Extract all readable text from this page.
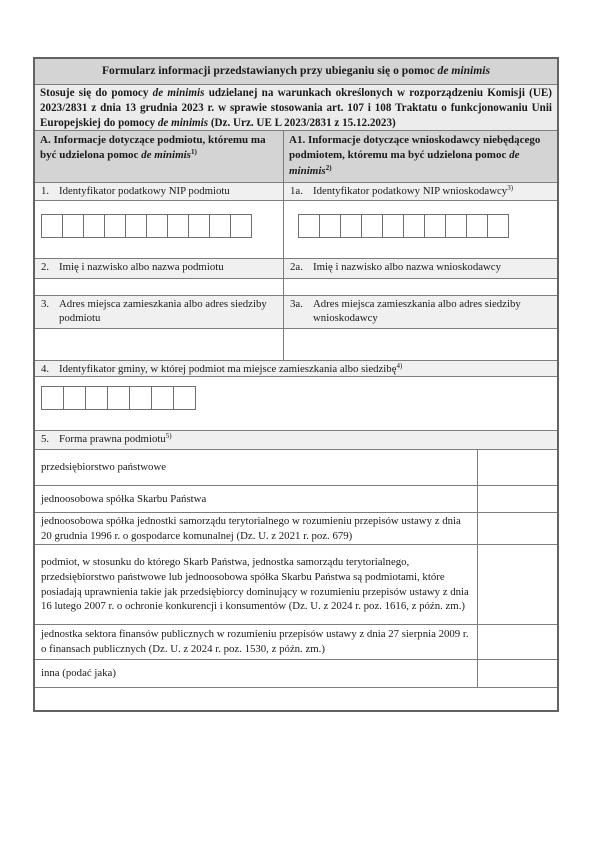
Formularz informacji przedstawianych przy ubieganiu się o pomoc de minimis
Stosuje się do pomocy de minimis udzielanej na warunkach określonych w rozporządzeniu Komisji (UE) 2023/2831 z dnia 13 grudnia 2023 r. w sprawie stosowania art. 107 i 108 Traktatu o funkcjonowaniu Unii Europejskiej do pomocy de minimis (Dz. Urz. UE L 2023/2831 z 15.12.2023)
A. Informacje dotyczące podmiotu, któremu ma być udzielona pomoc de minimis$^{1)}$
A1. Informacje dotyczące wnioskodawcy niebędącego podmiotem, któremu ma być udzielona pomoc de minimis$^{2)}$
1. Identyfikator podatkowy NIP podmiotu	1a. Identyfikator podatkowy NIP wnioskodawcy$^{3)}$
2. Imię i nazwisko albo nazwa podmiotu	2a. Imię i nazwisko albo nazwa wnioskodawcy
3. Adres miejsca zamieszkania albo adres siedziby podmiotu
3a. Adres miejsca zamieszkania albo adres siedziby wnioskodawcy
4. Identyfikator gminy, w której podmiot ma miejsce zamieszkania albo siedzibę$^{4)}$
5. Forma prawna podmiotu$^{5)}$
przedsiębiorstwo państwowe
jednoosobowa spółka Skarbu Państwa
jednoosobowa spółka jednostki samorządu terytorialnego w rozumieniu przepisów ustawy z dnia 20 grudnia 1996 r. o gospodarce komunalnej (Dz. U. z 2021 r. poz. 679)
podmiot, w stosunku do którego Skarb Państwa, jednostka samorządu terytorialnego, przedsiębiorstwo państwowe lub jednoosobowa spółka Skarbu Państwa są podmiotami, które posiadają uprawnienia takie jak przedsiębiorcy dominujący w rozumieniu przepisów ustawy z dnia 16 lutego 2007 r. o ochronie konkurencji i konsumentów (Dz. U. z 2024 r. poz. 1616, z późn. zm.)
jednostka sektora finansów publicznych w rozumieniu przepisów ustawy z dnia 27 sierpnia 2009 r. o finansach publicznych (Dz. U. z 2024 r. poz. 1530, z późn. zm.)
inna (podać jaka)
